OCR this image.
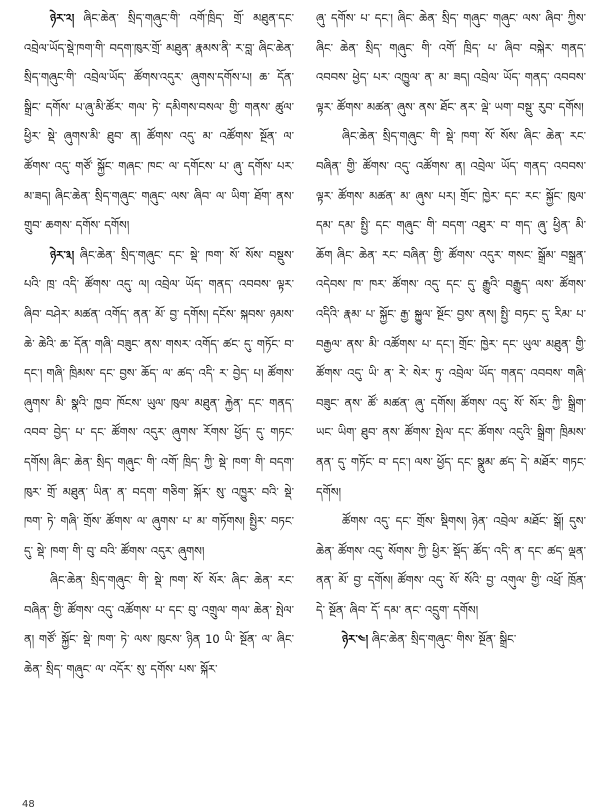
ཉེར་༢། ཞིང་ཆེན་ སྲིད་གཞུང་གི་ འགོ་ཁྲིད་ གྲོ་ མཐུན་དང་ འབྲེལ་ཡོད་སྡེ་ཁག་གི་ བདག་ཁུར་གྲོ་ མཐུན་ རྣམས་ནི་ ར་བླ་ ཞིང་ཆེན་ སྲིད་གཞུང་གི་ འབྲེལ་ཡོད་ ཚོགས་འདུར་ ཞུགས་དགོས་པ། ཆ་ དོན་ སྒྲིང་ དགོས་ པ་ཞུ་མི་ཚོར་ གལ་ ཏེ་ དམིགས་བསལ་ གྱི་ གནས་ ཚུལ་ ཕྱིར་ སྡེ་ ཞུགས་མི་ ཐུབ་ ན། ཚོགས་ འདུ་ མ་ འཚོགས་ སྔོན་ ལ་ ཚོགས་ འདུ་ གཙོ་ སྐྱོང་ གཞང་ ཁང་ ལ་ དགོངས་ པ་ ཞུ་ དགོས་ པར་ མ་ཟད། ཞིང་ཆེན་ སྲིད་གཞུང་ གཞུང་ ལས་ ཞིབ་ ལ་ ཡིག་ ཐོག་ ནས་ གྲུབ་ ཆགས་ དགོས་ དགོས།

ཉེར་༣། ཞིང་ཆེན་ སྲིད་གཞུང་ དང་ སྡེ་ ཁག་ སོ་ སོས་ བསྡུས་ པའི་ ཁྲ་ འདི་ ཚོགས་ འདུ་ ལ། འབྲེལ་ ཡོད་ གནད་ འབབས་ ལྟར་ ཞིབ་ བཤེར་ མཚན་ འགོད་ ནན་ མོ་ བྱ་ དགོས། དངོས་ སྐབས་ ཉམས་ ཆེ་ ཆེའི་ ཆ་ དོན་ གཞི་ བཟུང་ ནས་ གསར་ འགོད་ ཚང་ དུ་ གཏོང་ བ་ དང་། གཞི་ ཁྲིམས་ དང་ བྱས་ ཆོད་ ལ་ ཚད་ འདི་ ར་ བྱེད་ པ། ཚོགས་ ཞུགས་ མི་ སྣའི་ ཁྱབ་ ཁོངས་ ཡུལ་ ཁུལ་ མཐུན་ རྐྱེན་ དང་ གནད་ འབབ་ བྱེད་ པ་ དང་ ཚོགས་ འདུར་ ཞུགས་ རོགས་ ཕྱོད་ དུ་ གཏང་ དགོས། ཞིང་ ཆེན་ སྲིད་ གཞུང་ གི་ འགོ་ ཁྲིད་ ཀྱི་ སྡེ་ ཁག་ གི་ བདག་ ཁུར་ གྲོ་ མཐུན་ ཡིན་ ན་ བདག་ གཅིག་ སྐོར་ སུ་ འཁྱུར་ བའི་ སྡེ་ ཁག་ ཏེ་ གཞི་ གྲོས་ ཚོགས་ ལ་ ཞུགས་ པ་ མ་ གཏོགས། སྤྱིར་ བཏང་ དུ་ སྡེ་ ཁག་ གི་ བུ་ བའི་ ཚོགས་ འདུར་ ཞུགས།

ཞིང་ཆེན་ སྲིད་གཞུང་ གི་ སྡེ་ ཁག་ སོ་ སོར་ ཞིང་ ཆེན་ རང་ བཞིན་ གྱི་ ཚོགས་ འདུ་ འཚོགས་ པ་ དང་ བུ་ འགྲུལ་ གལ་ ཆེན་ སྤེལ་ ན། གཙོ་ སྐྱོང་ སྡེ་ ཁག་ ཏེ་ ལས་ ཁུངས་ ཉིན 10 ཡི་ སྔོན་ ལ་ ཞིང་ ཆེན་ སྲིད་ གཞུང་ ལ་ འདོར་ སུ་ དགོས་ པས་ སྐོར་

ཞུ་ དགོས་ པ་ དང་། ཞིང་ ཆེན་ སྲིད་ གཞུང་ གཞུང་ ལས་ ཞིབ་ ཀྱིས་ ཞིང་ ཆེན་ སྲིད་ གཞུང་ གི་ འགོ་ ཁྲིད་ པ་ ཞིབ་ བསྐེར་ གནད་ འབབས་ ཕྱེད་ པར་ འཁྱུལ་ ན་ མ་ ཟད། འབྲེལ་ ཡོད་ གནད་ འབབས་ ལྟར་ ཚོགས་ མཚན་ ཞུས་ ནས་ ཐོང་ ནར་ ལྡེ་ ཡག་ བསྡུ་ རུབ་ དགོས།

ཞིང་ཆེན་ སྲིད་གཞུང་ གི་ སྡེ་ ཁག་ སོ་ སོས་ ཞིང་ ཆེན་ རང་ བཞིན་ གྱི་ ཚོགས་ འདུ་ འཚོགས་ ན། འབྲེལ་ ཡོད་ གནད་ འབབས་ ལྟར་ ཚོགས་ མཚན་ མ་ ཞུས་ པར། གྲོང་ ཁྱེར་ དང་ རང་ སྐྱོང་ ཁུལ་ དམ་ དམ་ སྤྱི་ དང་ གཞུང་ གི་ བདག་ འཐུར་ བ་ གད་ ཞུ་ ཕྱིན་ མི་ ཆོག ཞིང་ ཆེན་ རང་ བཞིན་ གྱི་ ཚོགས་ འདུར་ གསང་ སྒྲོམ་ བསྒྲན་ འདེབས་ ཁ་ ཁར་ ཚོགས་ འདུ་ དང་ དུ་ རྒྱུའི་ བརྒྱུད་ ལས་ ཚོགས་ འདིའི་ རྣམ་ པ་ སྐྱོང་ རྒྱ་ སྐྱུལ་ སྔོང་ བྱས་ ནས། སྤྱི་ བཏང་ དུ་ རིམ་ པ་ བརྒྱལ་ ནས་ མི་ འཚོགས་ པ་ དང་། གྲོང་ ཁྱེར་ དང་ ཡུལ་ མཐུན་ གྱི་ ཚོགས་ འདུ་ ཡི་ ན་ རེ་ སེར་ ཏུ་ འབྲེལ་ ཡོད་ གནད་ འབབས་ གཞི་ བཟུང་ ནས་ ཚོ་ མཚན་ ཞུ་ དགོས། ཚོགས་ འདུ་ སོ་ སོར་ ཀྱི་ སྒྲིག་ ཡང་ ཡིག་ ཐུབ་ ནས་ ཚོགས་ སྤེལ་ དང་ ཚོགས་ འདུའི་ སྒྲིག་ ཁྲིམས་ ནན་ དུ་ གཏོང་ བ་ དང་། ལས་ ཕྱོད་ དང་ སྣུམ་ ཚད་ དེ་ མཐོར་ གཏང་ དགོས།

ཚོགས་ འདུ་ དང་ གྲོས་ སྡིགས། ཉེན་ འབྲེལ་ མཐོང་ སྒོ། དུས་ ཆེན་ ཚོགས་ འདུ་ སོགས་ ཀྱི་ ཕྱིར་ སྡོད་ ཚོད་ འདི་ ན་ དང་ ཚད་ ལྡན་ ནན་ མོ་ བྱ་ དགོས། ཚོགས་ འདུ་ སོ་ སོའི་ བྱ་ འགུལ་ གྱི་ འཕྲོ་ ཁྲོན་ དེ་ སྔོན་ ཞིབ་ དོ་ དམ་ ནང་ འདྲུག་ དགོས།

ཉེར་༤། ཞིང་ཆེན་ སྲིད་གཞུང་ གིས་ སྔོན་ སྒྲིང་

48
